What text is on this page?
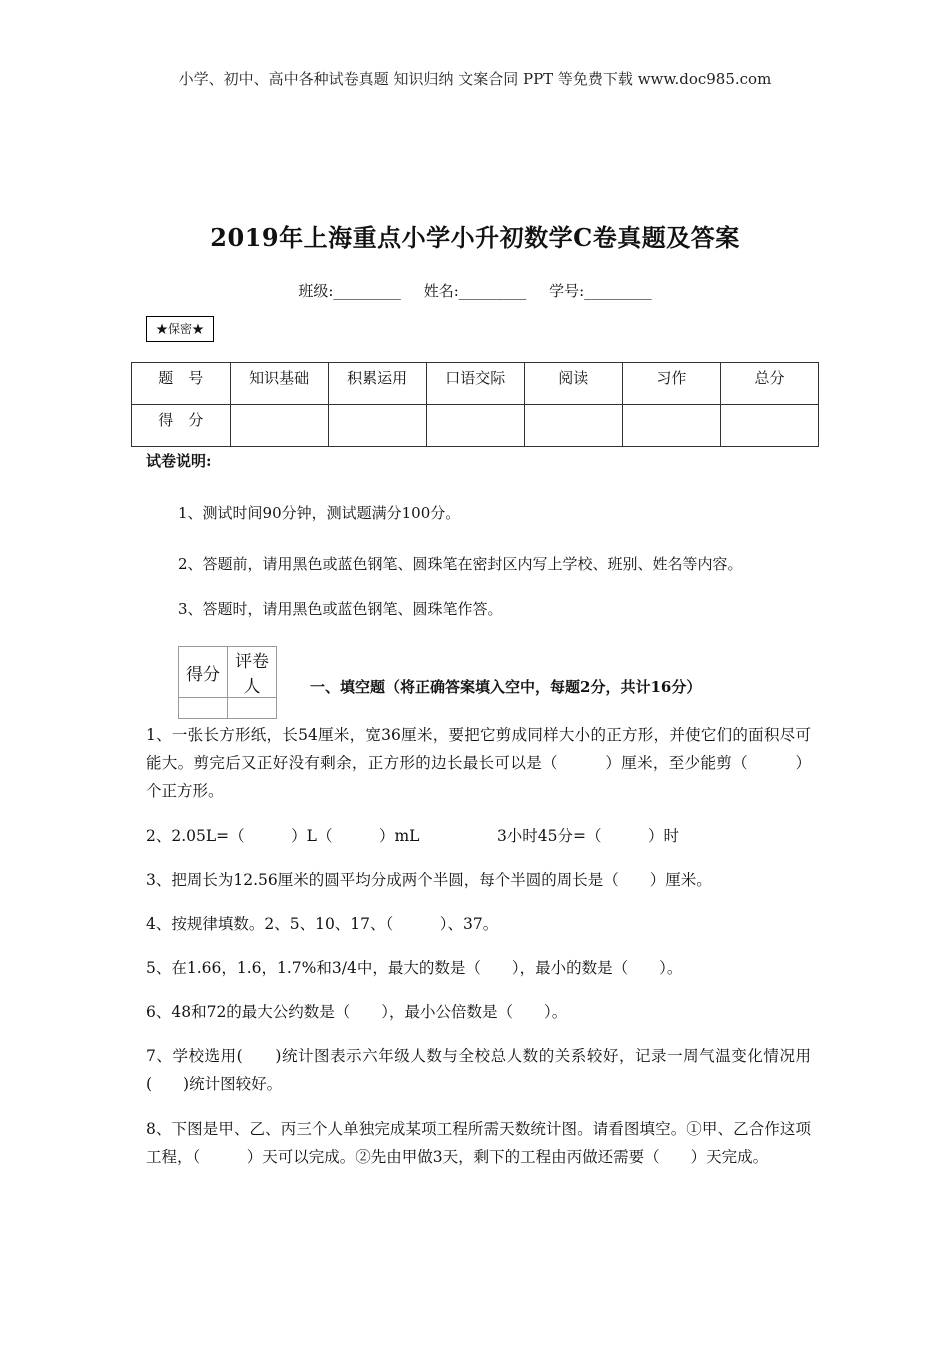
小学、初中、高中各种试卷真题 知识归纳 文案合同 PPT 等免费下载 www.doc985.com
2019年上海重点小学小升初数学C卷真题及答案
班级:_________ 姓名:_________ 学号:_________
★保密★
题　号	知识基础	积累运用	口语交际	阅读	习作	总分
得　分						
试卷说明:
1、测试时间90分钟，测试题满分100分。
2、答题前，请用黑色或蓝色钢笔、圆珠笔在密封区内写上学校、班别、姓名等内容。
3、答题时，请用黑色或蓝色钢笔、圆珠笔作答。
得分	评卷人
		一、填空题（将正确答案填入空中，每题2分，共计16分）
1、一张长方形纸，长54厘米，宽36厘米，要把它剪成同样大小的正方形，并使它们的面积尽可能大。剪完后又正好没有剩余，正方形的边长最长可以是（　　　）厘米，至少能剪（　　　）个正方形。
2、2.05L=（　　　）L（　　　）mL　　　　　3小时45分=（　　　）时
3、把周长为12.56厘米的圆平均分成两个半圆，每个半圆的周长是（　　）厘米。
4、按规律填数。2、5、10、17、（　　　）、37。
5、在1.66，1.6，1.7%和3/4中，最大的数是（　　），最小的数是（　　）。
6、48和72的最大公约数是（　　），最小公倍数是（　　）。
7、学校选用(　　)统计图表示六年级人数与全校总人数的关系较好，记录一周气温变化情况用(　　)统计图较好。
8、下图是甲、乙、丙三个人单独完成某项工程所需天数统计图。请看图填空。①甲、乙合作这项工程，（　　　）天可以完成。②先由甲做3天，剩下的工程由丙做还需要（　　）天完成。
